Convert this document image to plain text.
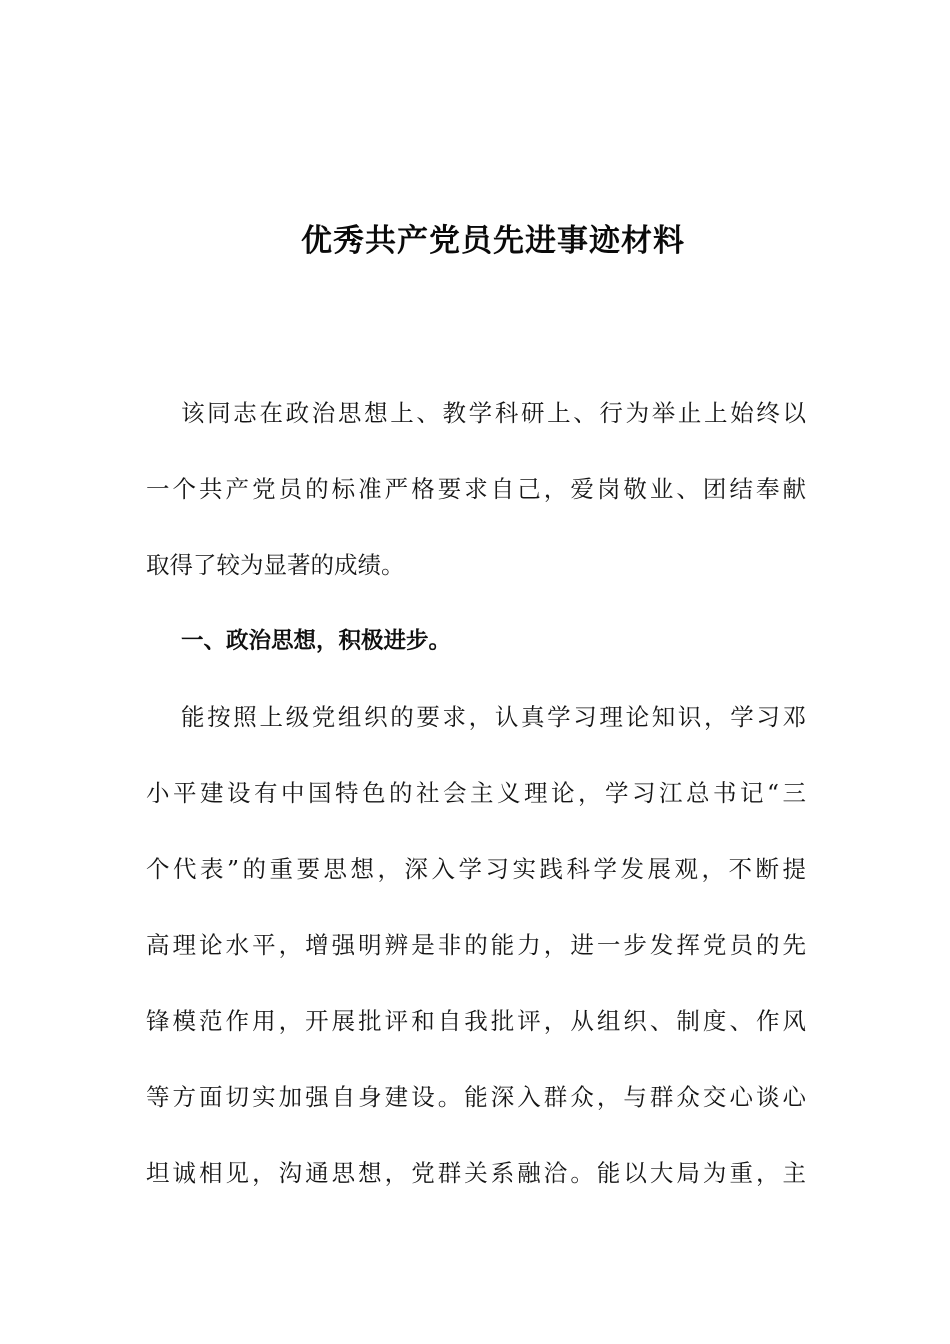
优秀共产党员先进事迹材料
该同志在政治思想上、教学科研上、行为举止上始终以
一个共产党员的标准严格要求自己，爱岗敬业、团结奉献
取得了较为显著的成绩。
一、政治思想，积极进步。
能按照上级党组织的要求，认真学习理论知识，学习邓
小平建设有中国特色的社会主义理论，学习江总书记“三
个代表”的重要思想，深入学习实践科学发展观，不断提
高理论水平，增强明辨是非的能力，进一步发挥党员的先
锋模范作用，开展批评和自我批评，从组织、制度、作风
等方面切实加强自身建设。能深入群众，与群众交心谈心
坦诚相见，沟通思想，党群关系融洽。能以大局为重，主
